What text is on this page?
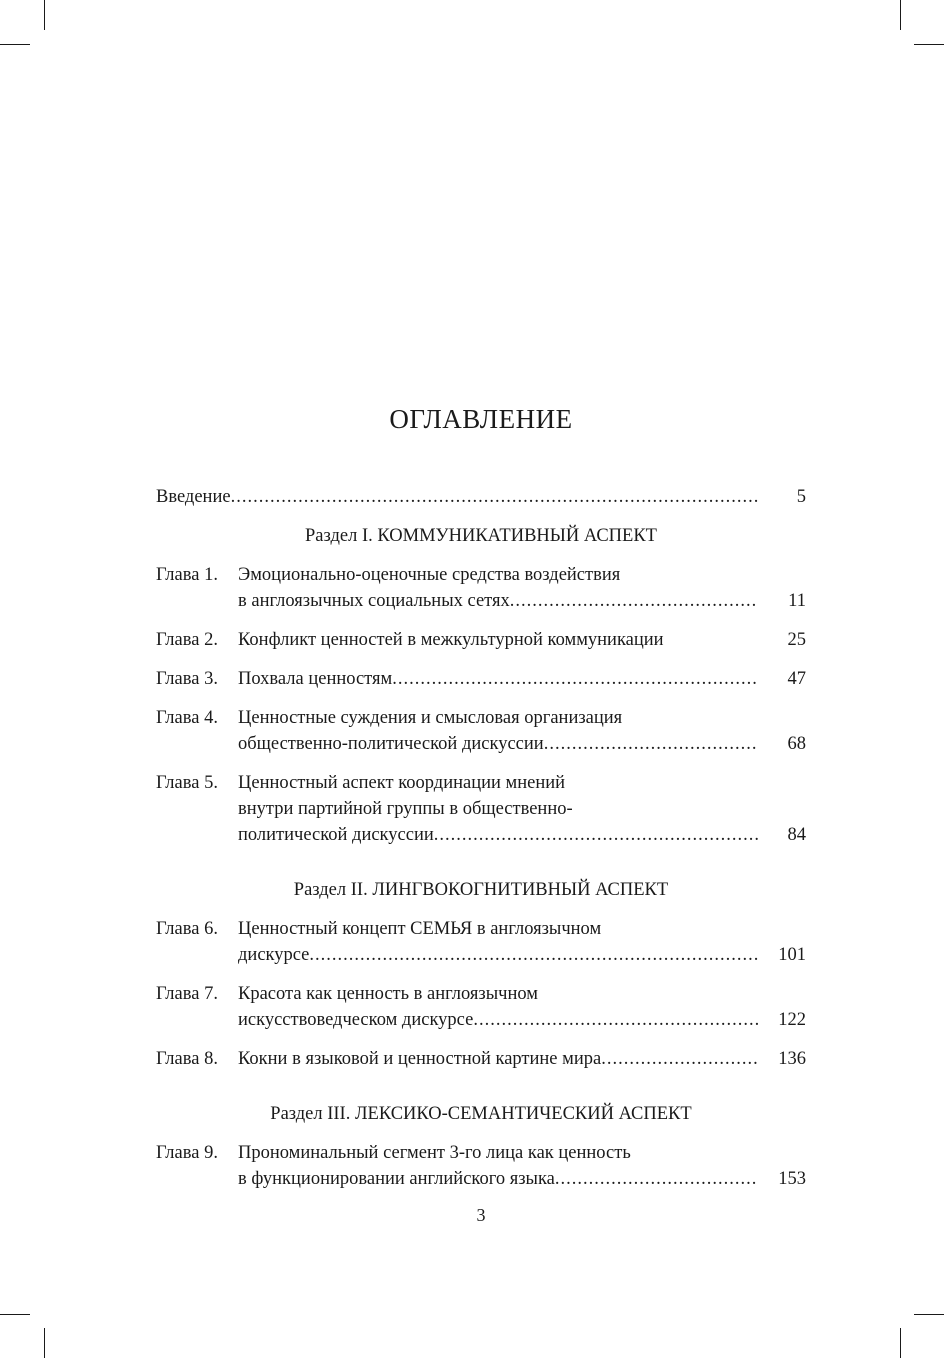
ОГЛАВЛЕНИЕ
Введение .....	5
Раздел I. КОММУНИКАТИВНЫЙ АСПЕКТ
Глава 1.	Эмоционально-оценочные средства воздействия
в англоязычных социальных сетях .....	11
Глава 2.	Конфликт ценностей в межкультурной коммуникации	25
Глава 3.	Похвала ценностям .....	47
Глава 4.	Ценностные суждения и смысловая организация
общественно-политической дискуссии .....	68
Глава 5.	Ценностный аспект координации мнений
внутри партийной группы в общественно-
политической дискуссии .....	84
Раздел II. ЛИНГВОКОГНИТИВНЫЙ АСПЕКТ
Глава 6.	Ценностный концепт СЕМЬЯ в англоязычном
дискурсе .....	101
Глава 7.	Красота как ценность в англоязычном
искусствоведческом дискурсе .....	122
Глава 8.	Кокни в языковой и ценностной картине мира .....	136
Раздел III. ЛЕКСИКО-СЕМАНТИЧЕСКИЙ АСПЕКТ
Глава 9.	Прономинальный сегмент 3-го лица как ценность
в функционировании английского языка .....	153
3
